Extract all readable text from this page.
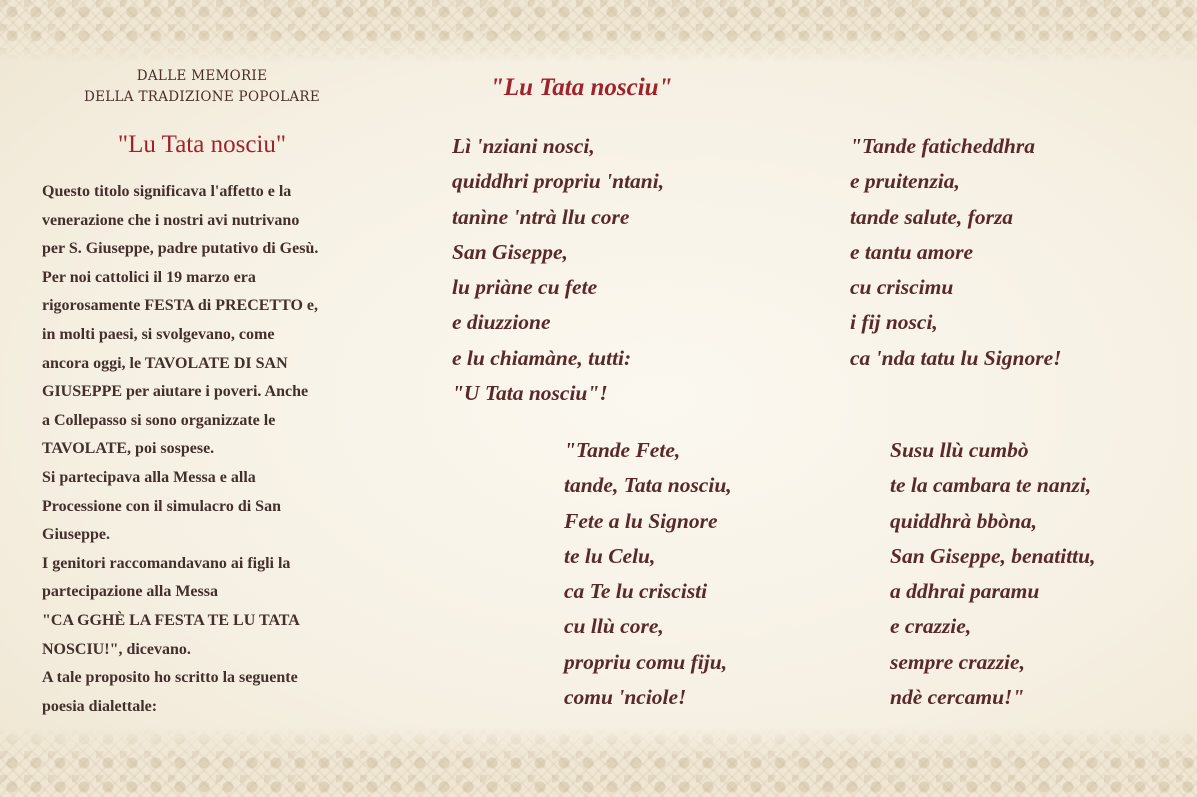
DALLE MEMORIE
DELLA TRADIZIONE POPOLARE
"Lu Tata nosciu"
Questo titolo significava l'affetto e la
venerazione che i nostri avi nutrivano
per S. Giuseppe, padre putativo di Gesù.
Per noi cattolici il 19 marzo era
rigorosamente FESTA di PRECETTO e,
in molti paesi, si svolgevano, come
ancora oggi, le TAVOLATE DI SAN
GIUSEPPE per aiutare i poveri. Anche
a Collepasso si sono organizzate le
TAVOLATE, poi sospese.
Si partecipava alla Messa e alla
Processione con il simulacro di San
Giuseppe.
I genitori raccomandavano ai figli la
partecipazione alla Messa
"CA GGHÈ LA FESTA TE LU TATA
NOSCIU!", dicevano.
A tale proposito ho scritto la seguente
poesia dialettale:
"Lu Tata nosciu"
Lì 'nziani nosci,
quiddhri propriu 'ntani,
tanìne 'ntrà llu core
San Giseppe,
lu priàne cu fete
e diuzzione
e lu chiamàne, tutti:
"U Tata nosciu"!
"Tande faticheddhra
e pruitenzia,
tande salute, forza
e tantu amore
cu criscimu
i fij nosci,
ca 'nda tatu lu Signore!
"Tande Fete,
tande, Tata nosciu,
Fete a lu Signore
te lu Celu,
ca Te lu criscisti
cu llù core,
propriu comu fiju,
comu 'nciole!
Susu llù cumbò
te la cambara te nanzi,
quiddhrà bbòna,
San Giseppe, benatittu,
a ddhrai paramu
e crazzie,
sempre crazzie,
ndè cercamu!"
